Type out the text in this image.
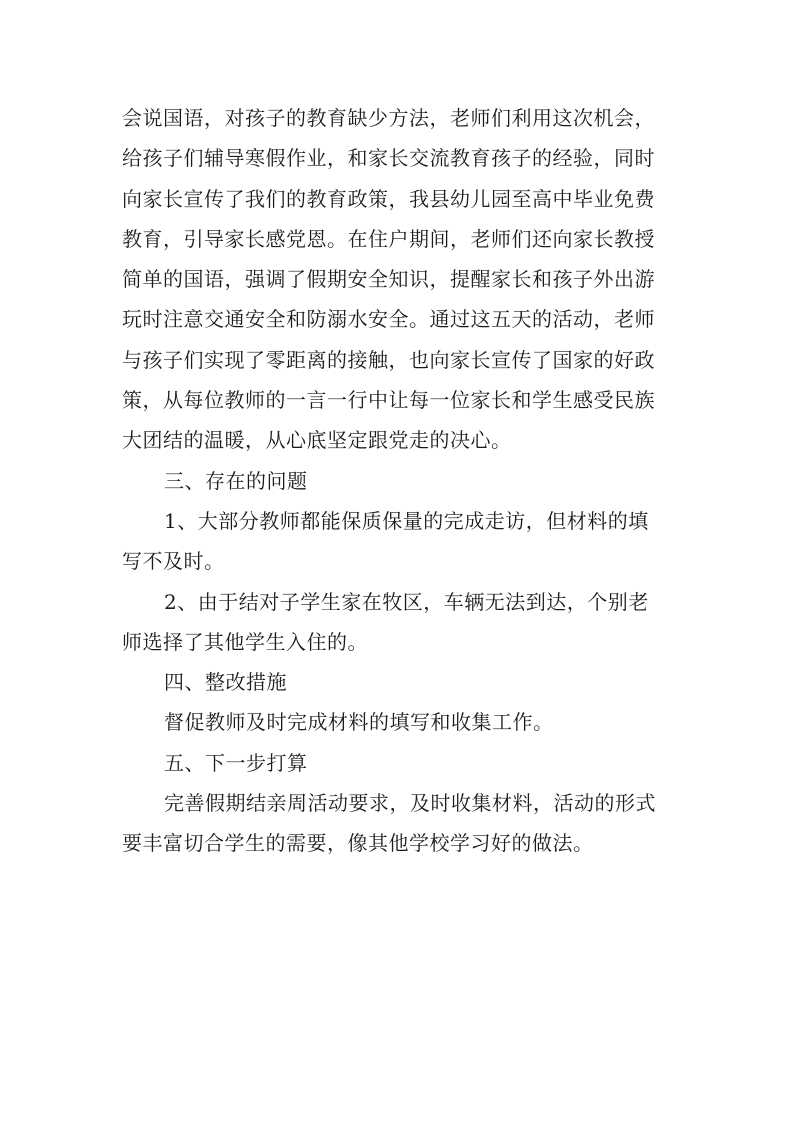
会说国语，对孩子的教育缺少方法，老师们利用这次机会，
给孩子们辅导寒假作业，和家长交流教育孩子的经验，同时
向家长宣传了我们的教育政策，我县幼儿园至高中毕业免费
教育，引导家长感党恩。在住户期间，老师们还向家长教授
简单的国语，强调了假期安全知识，提醒家长和孩子外出游
玩时注意交通安全和防溺水安全。通过这五天的活动，老师
与孩子们实现了零距离的接触，也向家长宣传了国家的好政
策，从每位教师的一言一行中让每一位家长和学生感受民族
大团结的温暖，从心底坚定跟党走的决心。
三、存在的问题
1、大部分教师都能保质保量的完成走访，但材料的填
写不及时。
2、由于结对子学生家在牧区，车辆无法到达，个别老
师选择了其他学生入住的。
四、整改措施
督促教师及时完成材料的填写和收集工作。
五、下一步打算
完善假期结亲周活动要求，及时收集材料，活动的形式
要丰富切合学生的需要，像其他学校学习好的做法。
